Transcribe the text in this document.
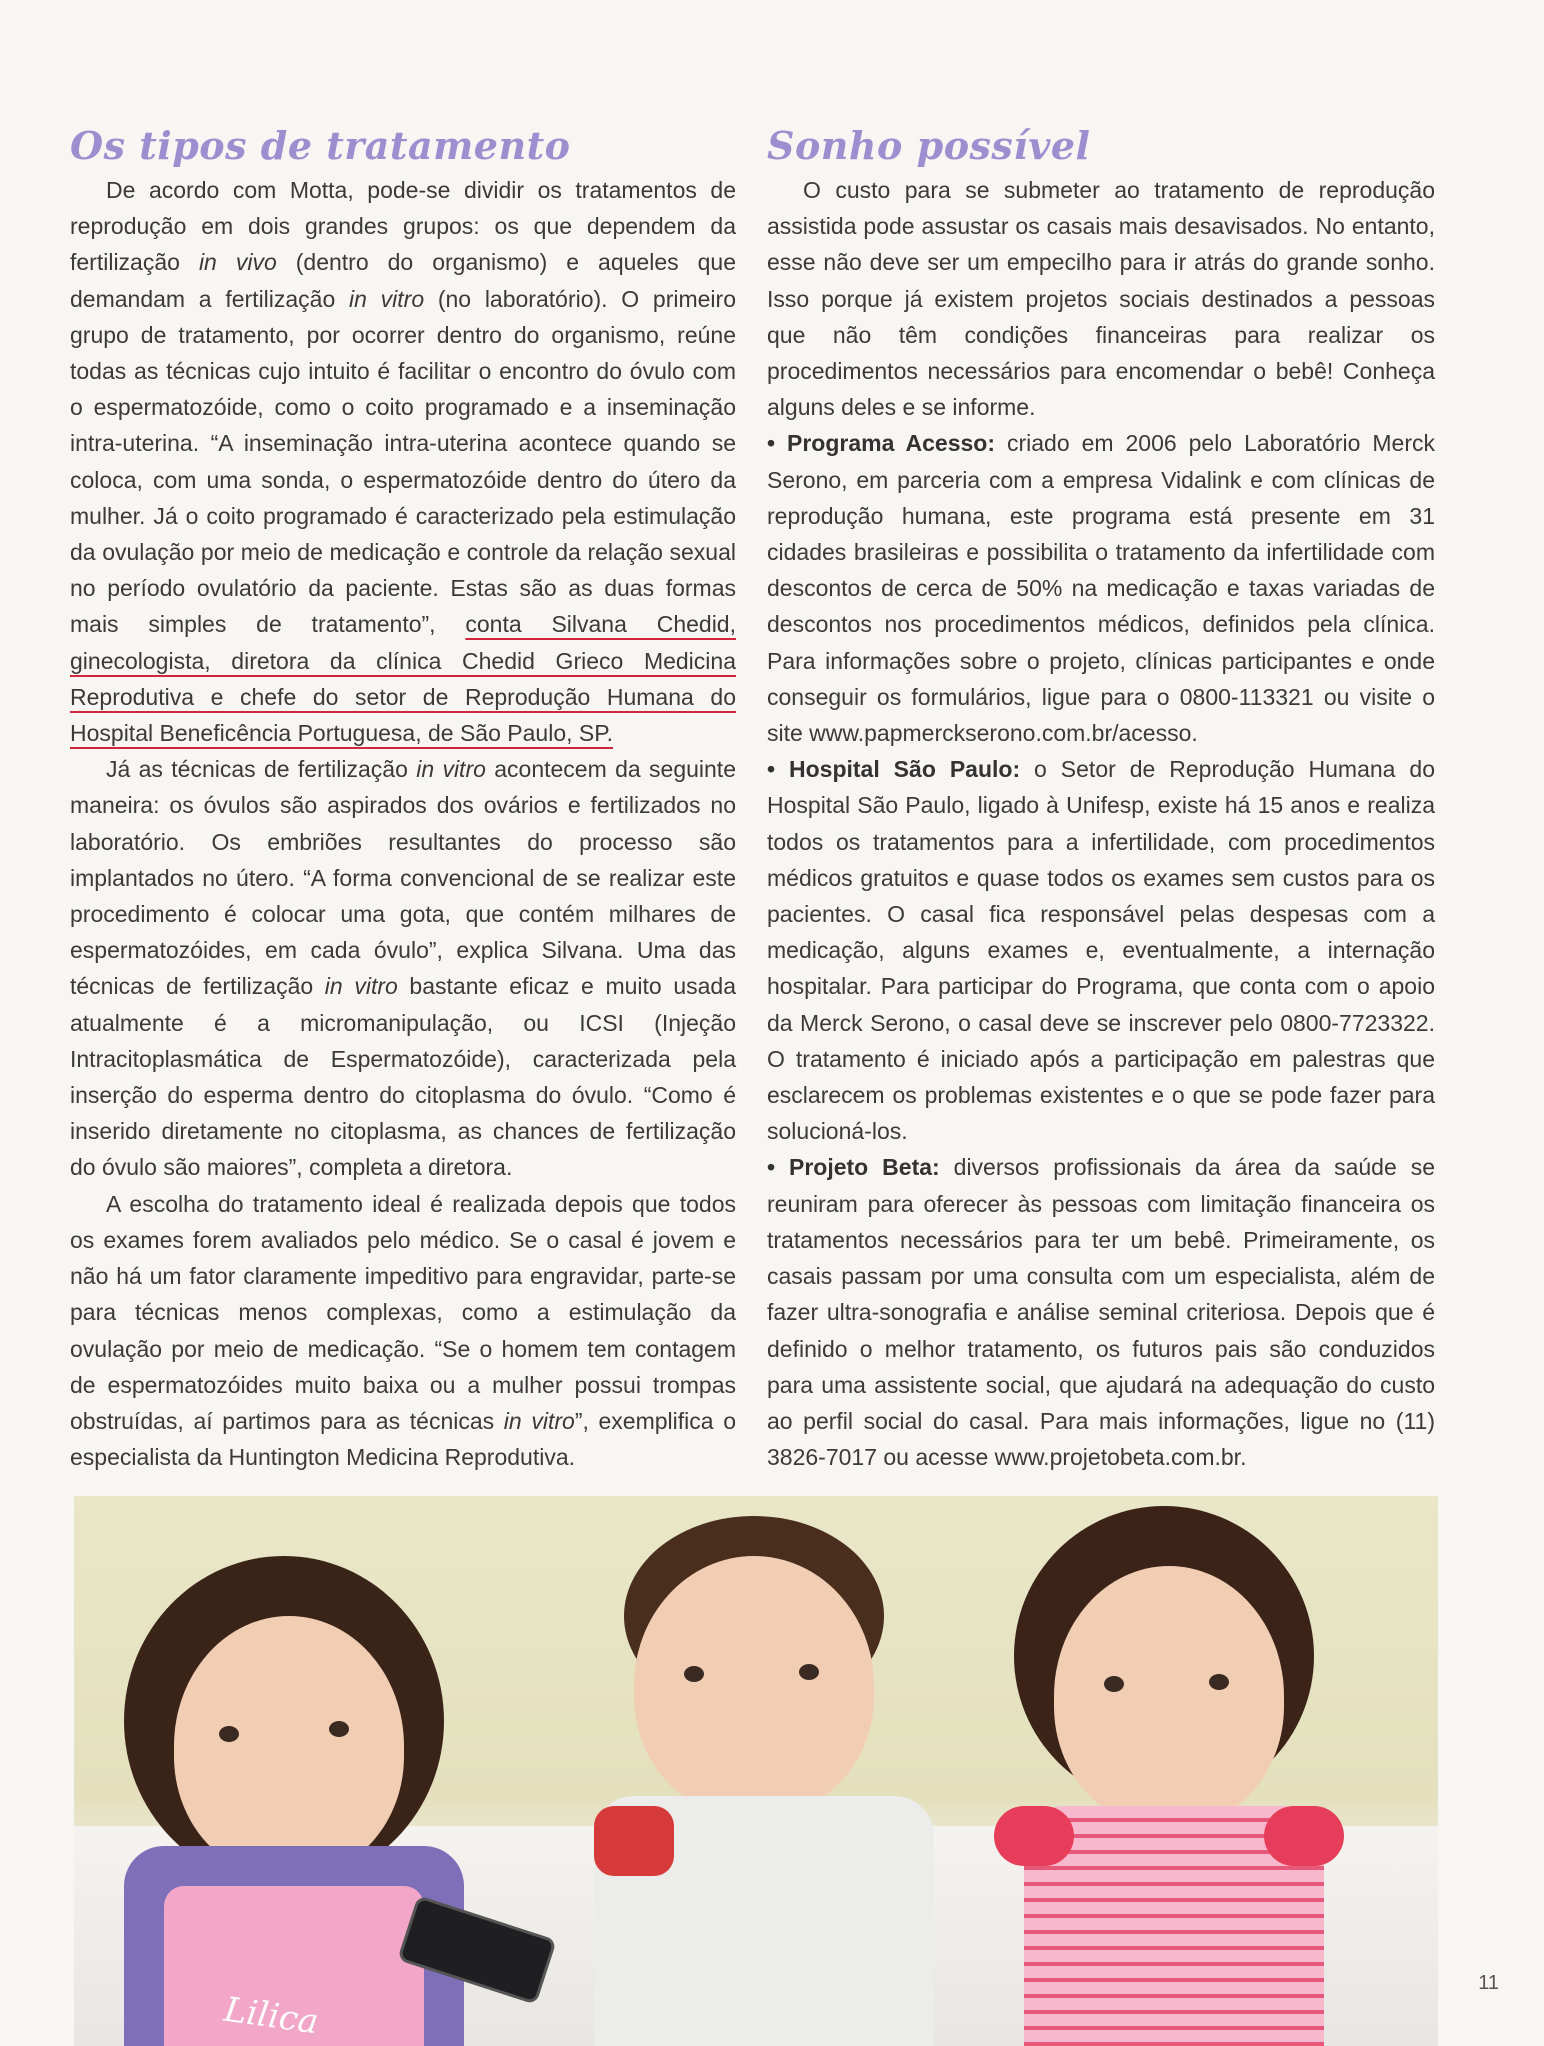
Os tipos de tratamento

De acordo com Motta, pode-se dividir os tratamentos de reprodução em dois grandes grupos: os que dependem da fertilização in vivo (dentro do organismo) e aqueles que demandam a fertilização in vitro (no laboratório). O primeiro grupo de tratamento, por ocorrer dentro do organismo, reúne todas as técnicas cujo intuito é facilitar o encontro do óvulo com o espermatozóide, como o coito programado e a inseminação intra-uterina. “A inseminação intra-uterina acontece quando se coloca, com uma sonda, o espermatozóide dentro do útero da mulher. Já o coito programado é caracterizado pela estimulação da ovulação por meio de medicação e controle da relação sexual no período ovulatório da paciente. Estas são as duas formas mais simples de tratamento”, conta Silvana Chedid, ginecologista, diretora da clínica Chedid Grieco Medicina Reprodutiva e chefe do setor de Reprodução Humana do Hospital Beneficência Portuguesa, de São Paulo, SP.

Já as técnicas de fertilização in vitro acontecem da seguinte maneira: os óvulos são aspirados dos ovários e fertilizados no laboratório. Os embriões resultantes do processo são implantados no útero. “A forma convencional de se realizar este procedimento é colocar uma gota, que contém milhares de espermatozóides, em cada óvulo”, explica Silvana. Uma das técnicas de fertilização in vitro bastante eficaz e muito usada atualmente é a micromanipulação, ou ICSI (Injeção Intracitoplasmática de Espermatozóide), caracterizada pela inserção do esperma dentro do citoplasma do óvulo. “Como é inserido diretamente no citoplasma, as chances de fertilização do óvulo são maiores”, completa a diretora.

A escolha do tratamento ideal é realizada depois que todos os exames forem avaliados pelo médico. Se o casal é jovem e não há um fator claramente impeditivo para engravidar, parte-se para técnicas menos complexas, como a estimulação da ovulação por meio de medicação. “Se o homem tem contagem de espermatozóides muito baixa ou a mulher possui trompas obstruídas, aí partimos para as técnicas in vitro”, exemplifica o especialista da Huntington Medicina Reprodutiva.

Sonho possível

O custo para se submeter ao tratamento de reprodução assistida pode assustar os casais mais desavisados. No entanto, esse não deve ser um empecilho para ir atrás do grande sonho. Isso porque já existem projetos sociais destinados a pessoas que não têm condições financeiras para realizar os procedimentos necessários para encomendar o bebê! Conheça alguns deles e se informe.

• Programa Acesso: criado em 2006 pelo Laboratório Merck Serono, em parceria com a empresa Vidalink e com clínicas de reprodução humana, este programa está presente em 31 cidades brasileiras e possibilita o tratamento da infertilidade com descontos de cerca de 50% na medicação e taxas variadas de descontos nos procedimentos médicos, definidos pela clínica. Para informações sobre o projeto, clínicas participantes e onde conseguir os formulários, ligue para o 0800-113321 ou visite o site www.papmerckserono.com.br/acesso.

• Hospital São Paulo: o Setor de Reprodução Humana do Hospital São Paulo, ligado à Unifesp, existe há 15 anos e realiza todos os tratamentos para a infertilidade, com procedimentos médicos gratuitos e quase todos os exames sem custos para os pacientes. O casal fica responsável pelas despesas com a medicação, alguns exames e, eventualmente, a internação hospitalar. Para participar do Programa, que conta com o apoio da Merck Serono, o casal deve se inscrever pelo 0800-7723322. O tratamento é iniciado após a participação em palestras que esclarecem os problemas existentes e o que se pode fazer para solucioná-los.

• Projeto Beta: diversos profissionais da área da saúde se reuniram para oferecer às pessoas com limitação financeira os tratamentos necessários para ter um bebê. Primeiramente, os casais passam por uma consulta com um especialista, além de fazer ultra-sonografia e análise seminal criteriosa. Depois que é definido o melhor tratamento, os futuros pais são conduzidos para uma assistente social, que ajudará na adequação do custo ao perfil social do casal. Para mais informações, ligue no (11) 3826-7017 ou acesse www.projetobeta.com.br.

Lilica
11
